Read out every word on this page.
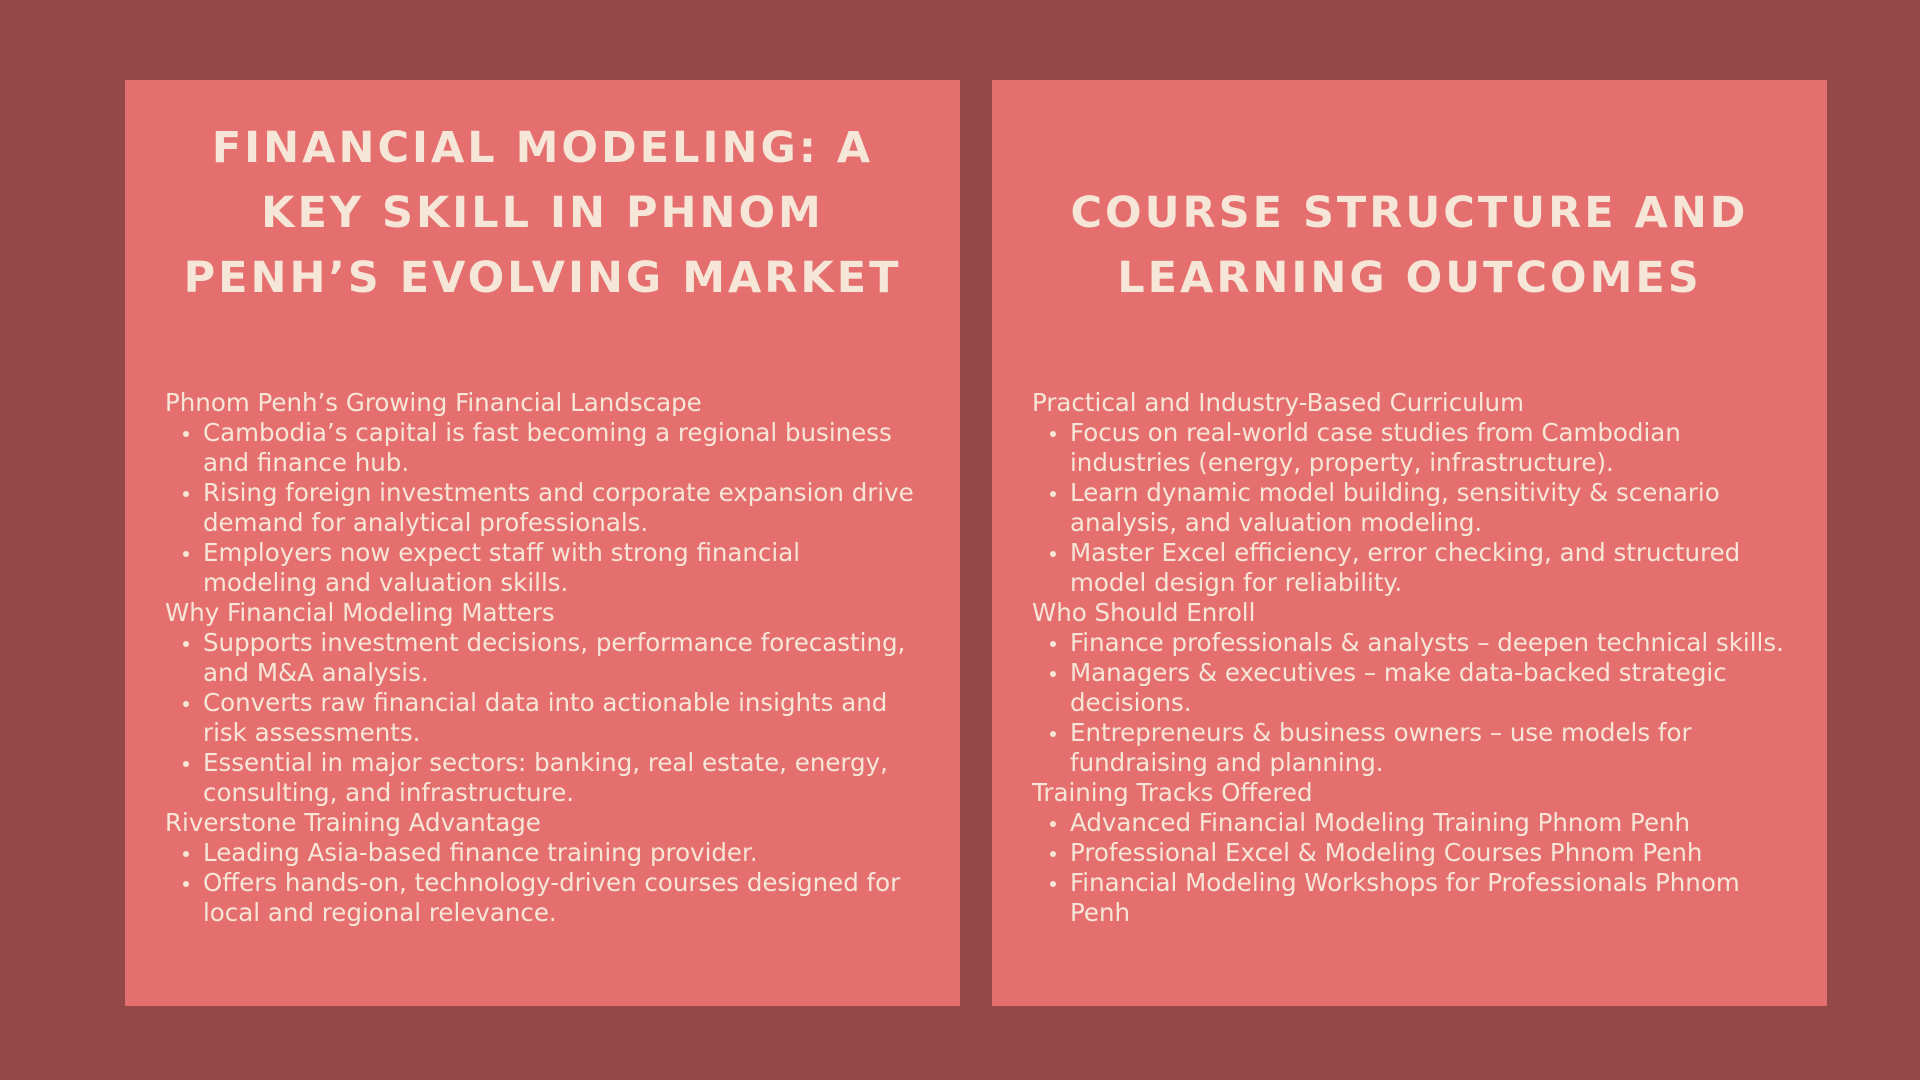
FINANCIAL MODELING: A KEY SKILL IN PHNOM PENH’S EVOLVING MARKET
Phnom Penh’s Growing Financial Landscape
Cambodia’s capital is fast becoming a regional business and finance hub.
Rising foreign investments and corporate expansion drive demand for analytical professionals.
Employers now expect staff with strong financial modeling and valuation skills.
Why Financial Modeling Matters
Supports investment decisions, performance forecasting, and M&A analysis.
Converts raw financial data into actionable insights and risk assessments.
Essential in major sectors: banking, real estate, energy, consulting, and infrastructure.
Riverstone Training Advantage
Leading Asia-based finance training provider.
Offers hands-on, technology-driven courses designed for local and regional relevance.
COURSE STRUCTURE AND LEARNING OUTCOMES
Practical and Industry-Based Curriculum
Focus on real-world case studies from Cambodian industries (energy, property, infrastructure).
Learn dynamic model building, sensitivity & scenario analysis, and valuation modeling.
Master Excel efficiency, error checking, and structured model design for reliability.
Who Should Enroll
Finance professionals & analysts – deepen technical skills.
Managers & executives – make data-backed strategic decisions.
Entrepreneurs & business owners – use models for fundraising and planning.
Training Tracks Offered
Advanced Financial Modeling Training Phnom Penh
Professional Excel & Modeling Courses Phnom Penh
Financial Modeling Workshops for Professionals Phnom Penh
